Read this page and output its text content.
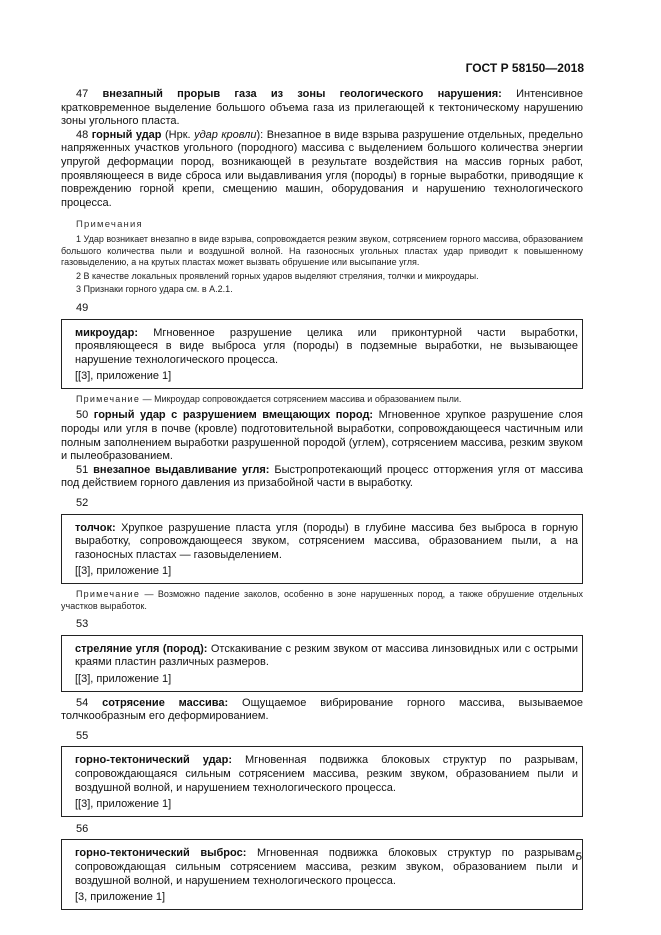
ГОСТ Р 58150—2018

47 внезапный прорыв газа из зоны геологического нарушения: Интенсивное кратковременное выделение большого объема газа из прилегающей к тектоническому нарушению зоны угольного пласта.

48 горный удар (Нрк. удар кровли): Внезапное в виде взрыва разрушение отдельных, предельно напряженных участков угольного (породного) массива с выделением большого количества энергии упругой деформации пород, возникающей в результате воздействия на массив горных работ, проявляющееся в виде сброса или выдавливания угля (породы) в горные выработки, приводящие к повреждению горной крепи, смещению машин, оборудования и нарушению технологического процесса.

Примечания

1 Удар возникает внезапно в виде взрыва, сопровождается резким звуком, сотрясением горного массива, образованием большого количества пыли и воздушной волной. На газоносных угольных пластах удар приводит к повышенному газовыделению, а на крутых пластах может вызвать обрушение или высыпание угля.

2 В качестве локальных проявлений горных ударов выделяют стреляния, толчки и микроудары.

3 Признаки горного удара см. в А.2.1.

49

микроудар: Мгновенное разрушение целика или приконтурной части выработки, проявляющееся в виде выброса угля (породы) в подземные выработки, не вызывающее нарушение технологического процесса.

[[3], приложение 1]

Примечание — Микроудар сопровождается сотрясением массива и образованием пыли.

50 горный удар с разрушением вмещающих пород: Мгновенное хрупкое разрушение слоя породы или угля в почве (кровле) подготовительной выработки, сопровождающееся частичным или полным заполнением выработки разрушенной породой (углем), сотрясением массива, резким звуком и пылеобразованием.

51 внезапное выдавливание угля: Быстропротекающий процесс отторжения угля от массива под действием горного давления из призабойной части в выработку.

52

толчок: Хрупкое разрушение пласта угля (породы) в глубине массива без выброса в горную выработку, сопровождающееся звуком, сотрясением массива, образованием пыли, а на газоносных пластах — газовыделением.

[[3], приложение 1]

Примечание — Возможно падение заколов, особенно в зоне нарушенных пород, а также обрушение отдельных участков выработок.

53

стреляние угля (пород): Отскакивание с резким звуком от массива линзовидных или с острыми краями пластин различных размеров.

[[3], приложение 1]

54 сотрясение массива: Ощущаемое вибрирование горного массива, вызываемое толчкообразным его деформированием.

55

горно-тектонический удар: Мгновенная подвижка блоковых структур по разрывам, сопровождающаяся сильным сотрясением массива, резким звуком, образованием пыли и воздушной волной, и нарушением технологического процесса.

[[3], приложение 1]

56

горно-тектонический выброс: Мгновенная подвижка блоковых структур по разрывам, сопровождающая сильным сотрясением массива, резким звуком, образованием пыли и воздушной волной, и нарушением технологического процесса.

[3, приложение 1]

5
